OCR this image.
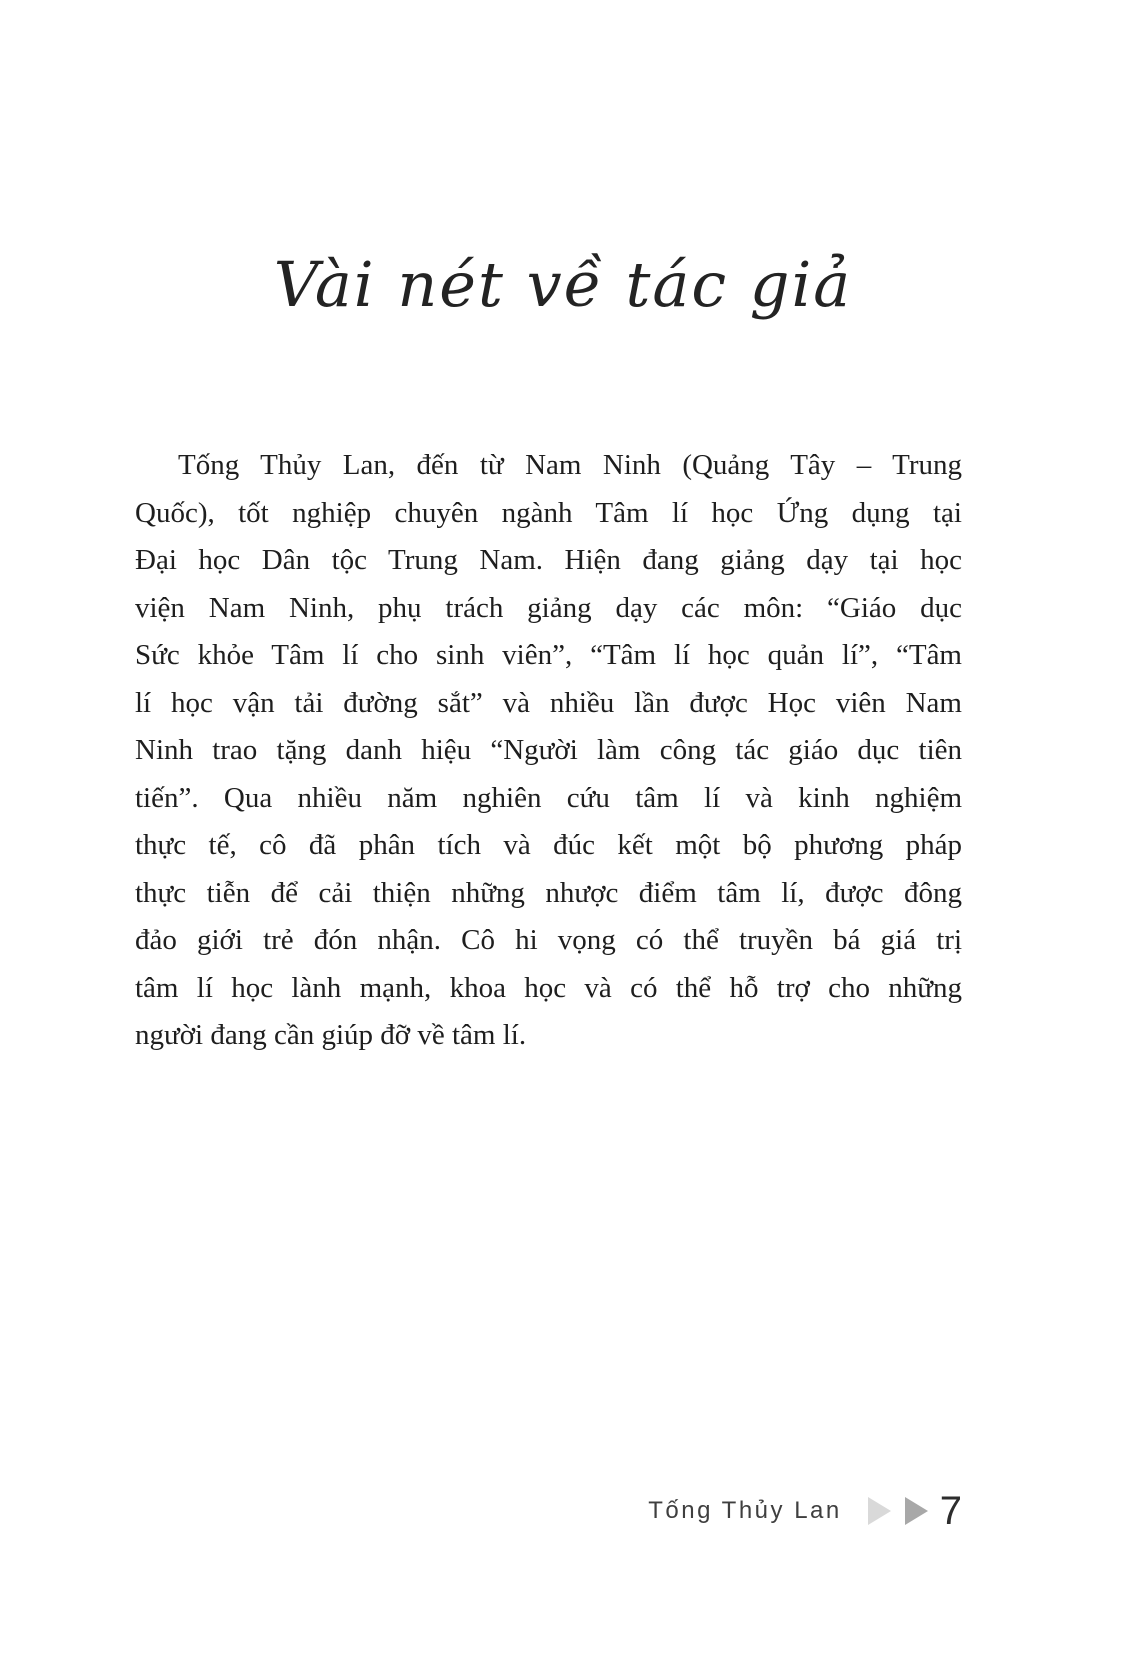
Vài nét về tác giả
Tống Thủy Lan, đến từ Nam Ninh (Quảng Tây – Trung
Quốc), tốt nghiệp chuyên ngành Tâm lí học Ứng dụng tại
Đại học Dân tộc Trung Nam. Hiện đang giảng dạy tại học
viện Nam Ninh, phụ trách giảng dạy các môn: “Giáo dục
Sức khỏe Tâm lí cho sinh viên”, “Tâm lí học quản lí”, “Tâm
lí học vận tải đường sắt” và nhiều lần được Học viên Nam
Ninh trao tặng danh hiệu “Người làm công tác giáo dục tiên
tiến”. Qua nhiều năm nghiên cứu tâm lí và kinh nghiệm
thực tế, cô đã phân tích và đúc kết một bộ phương pháp
thực tiễn để cải thiện những nhược điểm tâm lí, được đông
đảo giới trẻ đón nhận. Cô hi vọng có thể truyền bá giá trị
tâm lí học lành mạnh, khoa học và có thể hỗ trợ cho những
người đang cần giúp đỡ về tâm lí.
Tống Thủy Lan 7
